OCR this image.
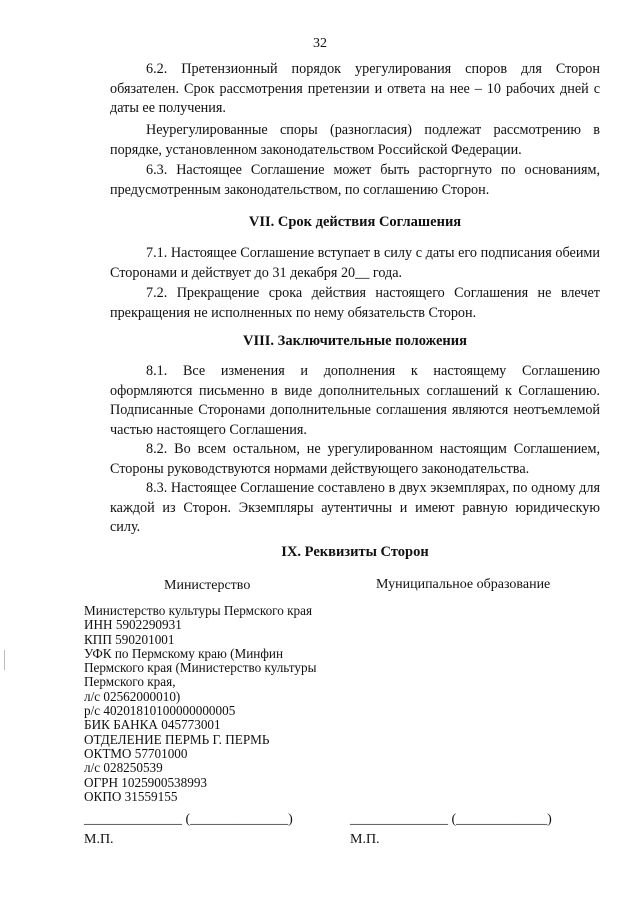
32

6.2. Претензионный порядок урегулирования споров для Сторон обязателен. Срок рассмотрения претензии и ответа на нее – 10 рабочих дней с даты ее получения.

Неурегулированные споры (разногласия) подлежат рассмотрению в порядке, установленном законодательством Российской Федерации.

6.3. Настоящее Соглашение может быть расторгнуто по основаниям, предусмотренным законодательством, по соглашению Сторон.

VII. Срок действия Соглашения

7.1. Настоящее Соглашение вступает в силу с даты его подписания обеими Сторонами и действует до 31 декабря 20__ года.

7.2. Прекращение срока действия настоящего Соглашения не влечет прекращения не исполненных по нему обязательств Сторон.

VIII. Заключительные положения

8.1. Все изменения и дополнения к настоящему Соглашению оформляются письменно в виде дополнительных соглашений к Соглашению. Подписанные Сторонами дополнительные соглашения являются неотъемлемой частью настоящего Соглашения.

8.2. Во всем остальном, не урегулированном настоящим Соглашением, Стороны руководствуются нормами действующего законодательства.

8.3. Настоящее Соглашение составлено в двух экземплярах, по одному для каждой из Сторон. Экземпляры аутентичны и имеют равную юридическую силу.

IX. Реквизиты Сторон
Министерство	Муниципальное образование
Министерство культуры Пермского края
ИНН 5902290931
КПП 590201001
УФК по Пермскому краю (Минфин Пермского края (Министерство культуры Пермского края,
л/с 02562000010)
р/с 40201810100000000005
БИК БАНКА 045773001
ОТДЕЛЕНИЕ ПЕРМЬ Г. ПЕРМЬ
ОКТМО 57701000
л/с 028250539
ОГРН 1025900538993
ОКПО 31559155
______________ (______________)	______________ (_____________)
М.П.	М.П.
